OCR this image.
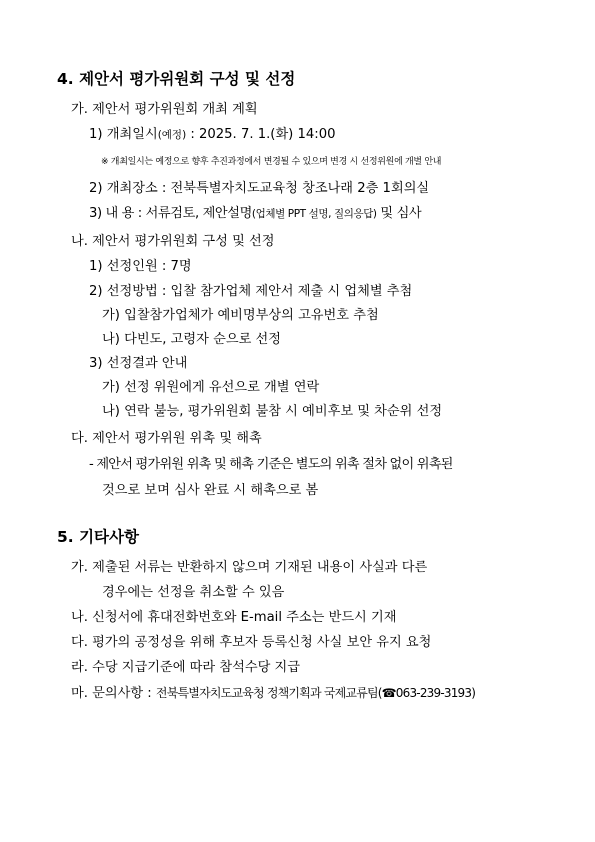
4. 제안서 평가위원회 구성 및 선정
가. 제안서 평가위원회 개최 계획
1) 개최일시(예정) : 2025. 7. 1.(화) 14:00
※ 개최일시는 예정으로 향후 추진과정에서 변경될 수 있으며 변경 시 선정위원에 개별 안내
2) 개최장소 : 전북특별자치도교육청 창조나래 2층 1회의실
3) 내 용 : 서류검토, 제안설명(업체별 PPT 설명, 질의응답) 및 심사
나. 제안서 평가위원회 구성 및 선정
1) 선정인원 : 7명
2) 선정방법 : 입찰 참가업체 제안서 제출 시 업체별 추첨
가) 입찰참가업체가 예비명부상의 고유번호 추첨
나) 다빈도, 고령자 순으로 선정
3) 선정결과 안내
가) 선정 위원에게 유선으로 개별 연락
나) 연락 불능, 평가위원회 불참 시 예비후보 및 차순위 선정
다. 제안서 평가위원 위촉 및 해촉
- 제안서 평가위원 위촉 및 해촉 기준은 별도의 위촉 절차 없이 위촉된
것으로 보며 심사 완료 시 해촉으로 봄
5. 기타사항
가. 제출된 서류는 반환하지 않으며 기재된 내용이 사실과 다른
경우에는 선정을 취소할 수 있음
나. 신청서에 휴대전화번호와 E-mail 주소는 반드시 기재
다. 평가의 공정성을 위해 후보자 등록신청 사실 보안 유지 요청
라. 수당 지급기준에 따라 참석수당 지급
마. 문의사항 : 전북특별자치도교육청 정책기획과 국제교류팀(☎063-239-3193)
